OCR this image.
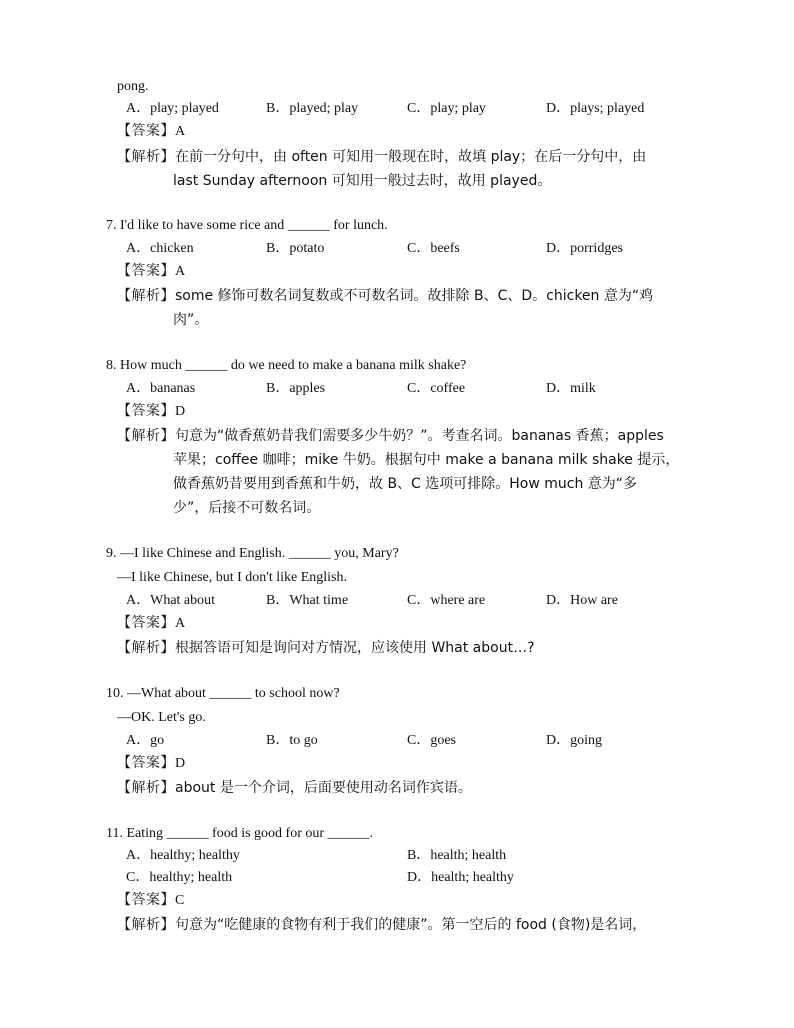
pong.
A．play; played	B．played; play	C．play; play	D．plays; played
【答案】A
【解析】在前一分句中，由 often 可知用一般现在时，故填 play；在后一分句中，由
last Sunday afternoon 可知用一般过去时，故用 played。
7. I'd like to have some rice and ______ for lunch.
A．chicken	B．potato	C．beefs	D．porridges
【答案】A
【解析】some 修饰可数名词复数或不可数名词。故排除 B、C、D。chicken 意为“鸡
肉”。
8. How much ______ do we need to make a banana milk shake?
A．bananas	B．apples	C．coffee	D．milk
【答案】D
【解析】句意为“做香蕉奶昔我们需要多少牛奶？”。考查名词。bananas 香蕉；apples
苹果；coffee 咖啡；mike 牛奶。根据句中 make a banana milk shake 提示，
做香蕉奶昔要用到香蕉和牛奶，故 B、C 选项可排除。How much 意为“多
少”，后接不可数名词。
9. —I like Chinese and English. ______ you, Mary?
—I like Chinese, but I don't like English.
A．What about	B．What time	C．where are	D．How are
【答案】A
【解析】根据答语可知是询问对方情况，应该使用 What about…?
10. —What about ______ to school now?
—OK. Let's go.
A．go	B．to go	C．goes	D．going
【答案】D
【解析】about 是一个介词，后面要使用动名词作宾语。
11. Eating ______ food is good for our ______.
A．healthy; healthy	B．health; health
C．healthy; health	D．health; healthy
【答案】C
【解析】句意为“吃健康的食物有利于我们的健康”。第一空后的 food (食物)是名词，
